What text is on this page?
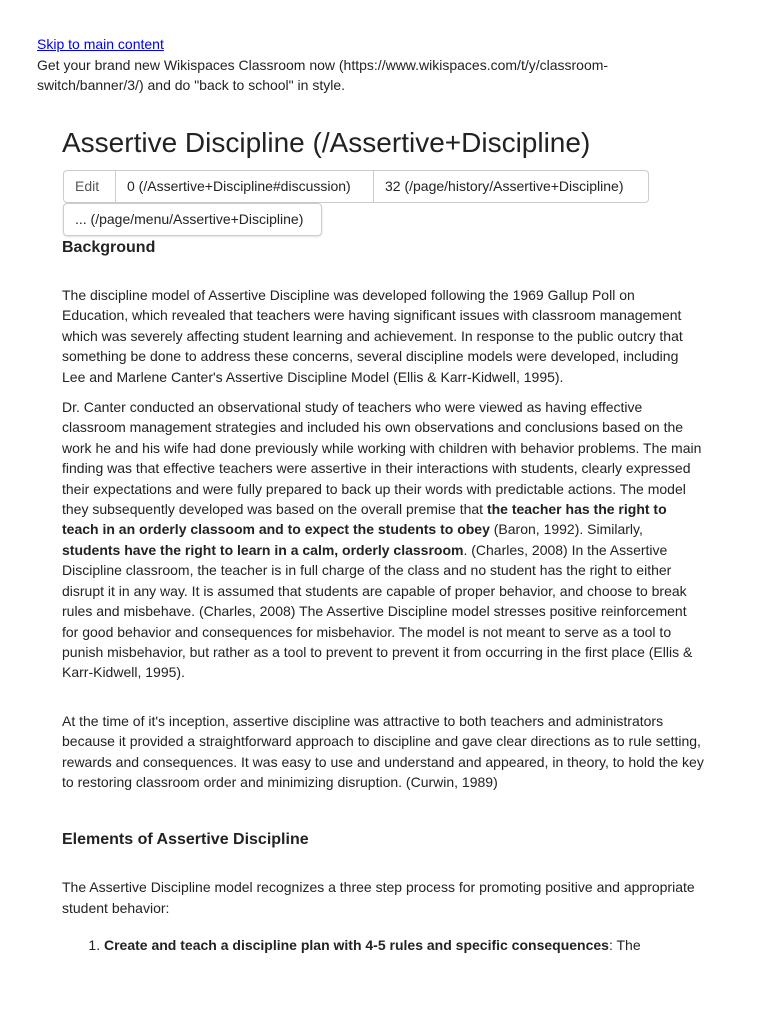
Skip to main content
Get your brand new Wikispaces Classroom now (https://www.wikispaces.com/t/y/classroom-switch/banner/3/) and do "back to school" in style.
Assertive Discipline (/Assertive+Discipline)
Edit	0 (/Assertive+Discipline#discussion)	32 (/page/history/Assertive+Discipline)
... (/page/menu/Assertive+Discipline)
Background

The discipline model of Assertive Discipline was developed following the 1969 Gallup Poll on Education, which revealed that teachers were having significant issues with classroom management which was severely affecting student learning and achievement. In response to the public outcry that something be done to address these concerns, several discipline models were developed, including Lee and Marlene Canter's Assertive Discipline Model (Ellis & Karr-Kidwell, 1995).

Dr. Canter conducted an observational study of teachers who were viewed as having effective classroom management strategies and included his own observations and conclusions based on the work he and his wife had done previously while working with children with behavior problems. The main finding was that effective teachers were assertive in their interactions with students, clearly expressed their expectations and were fully prepared to back up their words with predictable actions. The model they subsequently developed was based on the overall premise that the teacher has the right to teach in an orderly classoom and to expect the students to obey (Baron, 1992). Similarly, students have the right to learn in a calm, orderly classroom. (Charles, 2008) In the Assertive Discipline classroom, the teacher is in full charge of the class and no student has the right to either disrupt it in any way. It is assumed that students are capable of proper behavior, and choose to break rules and misbehave. (Charles, 2008) The Assertive Discipline model stresses positive reinforcement for good behavior and consequences for misbehavior. The model is not meant to serve as a tool to punish misbehavior, but rather as a tool to prevent to prevent it from occurring in the first place (Ellis & Karr-Kidwell, 1995).

At the time of it's inception, assertive discipline was attractive to both teachers and administrators because it provided a straightforward approach to discipline and gave clear directions as to rule setting, rewards and consequences. It was easy to use and understand and appeared, in theory, to hold the key to restoring classroom order and minimizing disruption. (Curwin, 1989)

Elements of Assertive Discipline

The Assertive Discipline model recognizes a three step process for promoting positive and appropriate student behavior:

1. Create and teach a discipline plan with 4-5 rules and specific consequences: The
